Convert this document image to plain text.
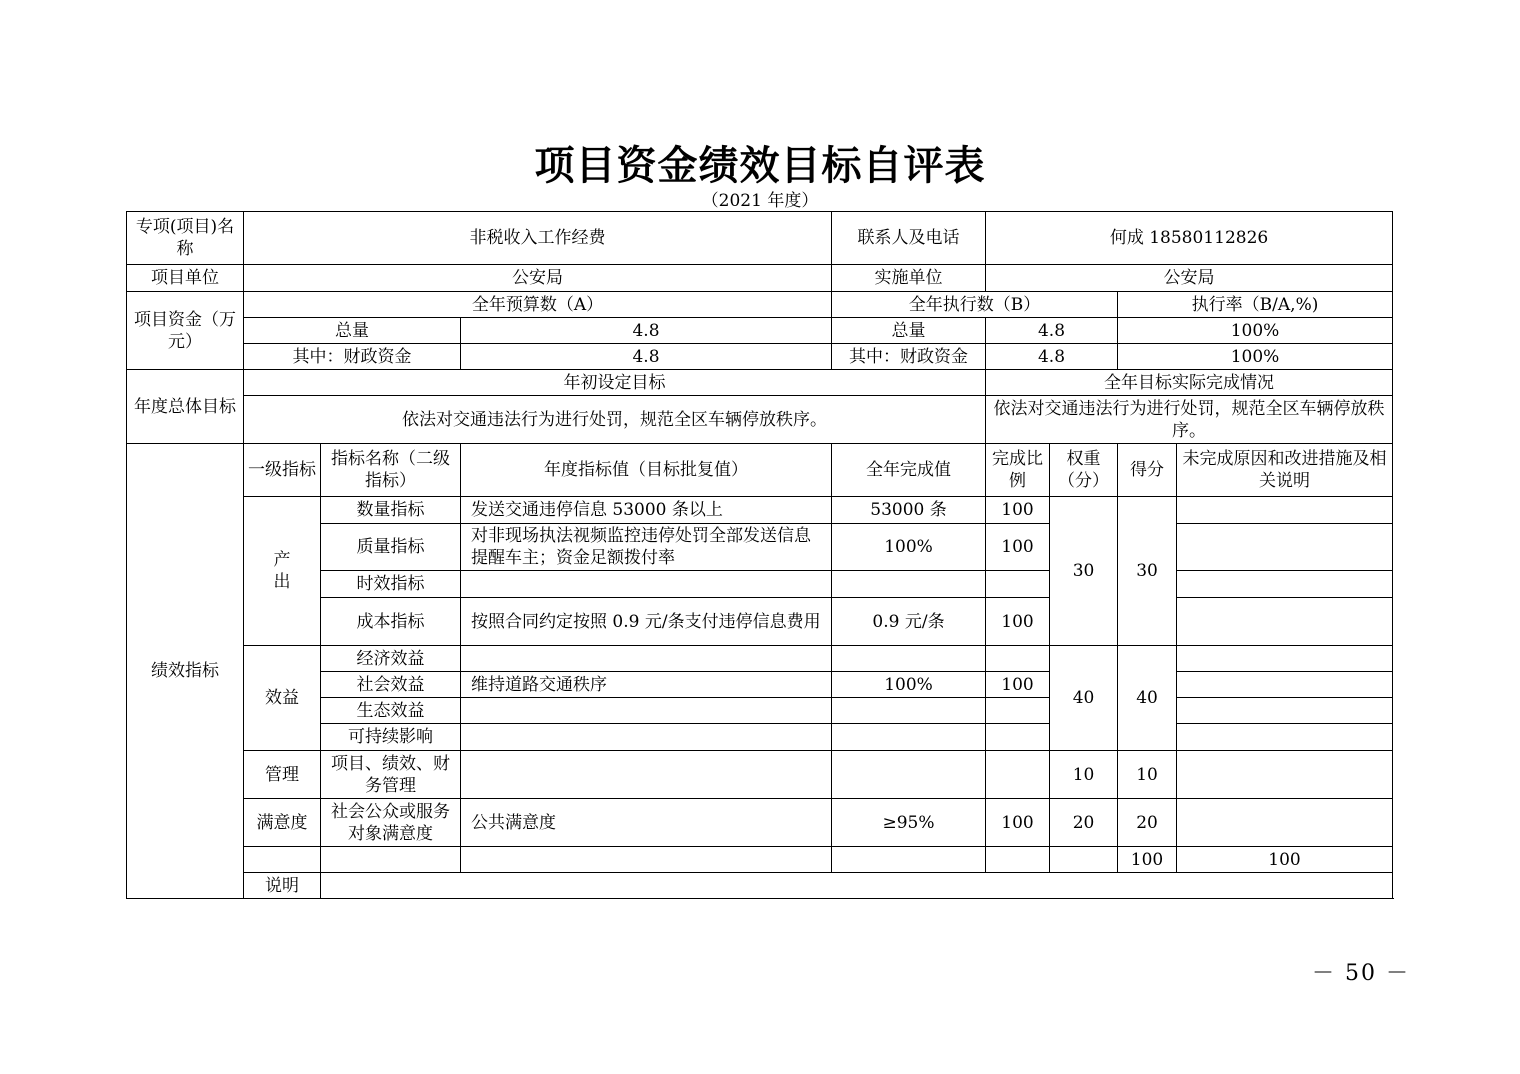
项目资金绩效目标自评表
（2021 年度）
专项(项目)名称	非税收入工作经费			联系人及电话	何成 18580112826				
项目单位	公安局			实施单位	公安局				
项目资金（万元）	全年预算数（A）			全年执行数（B）			执行率（B/A,%)		
	总量		4.8	总量	4.8		100%		
	其中：财政资金		4.8	其中：财政资金	4.8		100%		
年度总体目标	年初设定目标				全年目标实际完成情况				
	依法对交通违法行为进行处罚，规范全区车辆停放秩序。				依法对交通违法行为进行处罚，规范全区车辆停放秩序。				
绩效指标	一级指标	指标名称（二级指标）	年度指标值（目标批复值）	全年完成值	完成比例	权重（分）	得分	未完成原因和改进措施及相关说明	
	产出	数量指标	发送交通违停信息 53000 条以上	53000 条	100	30	30		
		质量指标	对非现场执法视频监控违停处罚全部发送信息提醒车主；资金足额拨付率	100%	100				
		时效指标							
		成本指标	按照合同约定按照 0.9 元/条支付违停信息费用	0.9 元/条	100				
	效益	经济效益				40	40		
		社会效益	维持道路交通秩序	100%	100				
		生态效益							
		可持续影响							
	管理	项目、绩效、财务管理				10	10		
	满意度	社会公众或服务对象满意度	公共满意度	≥95%	100	20	20		
							100	100	
	说明								
－ 50 －
